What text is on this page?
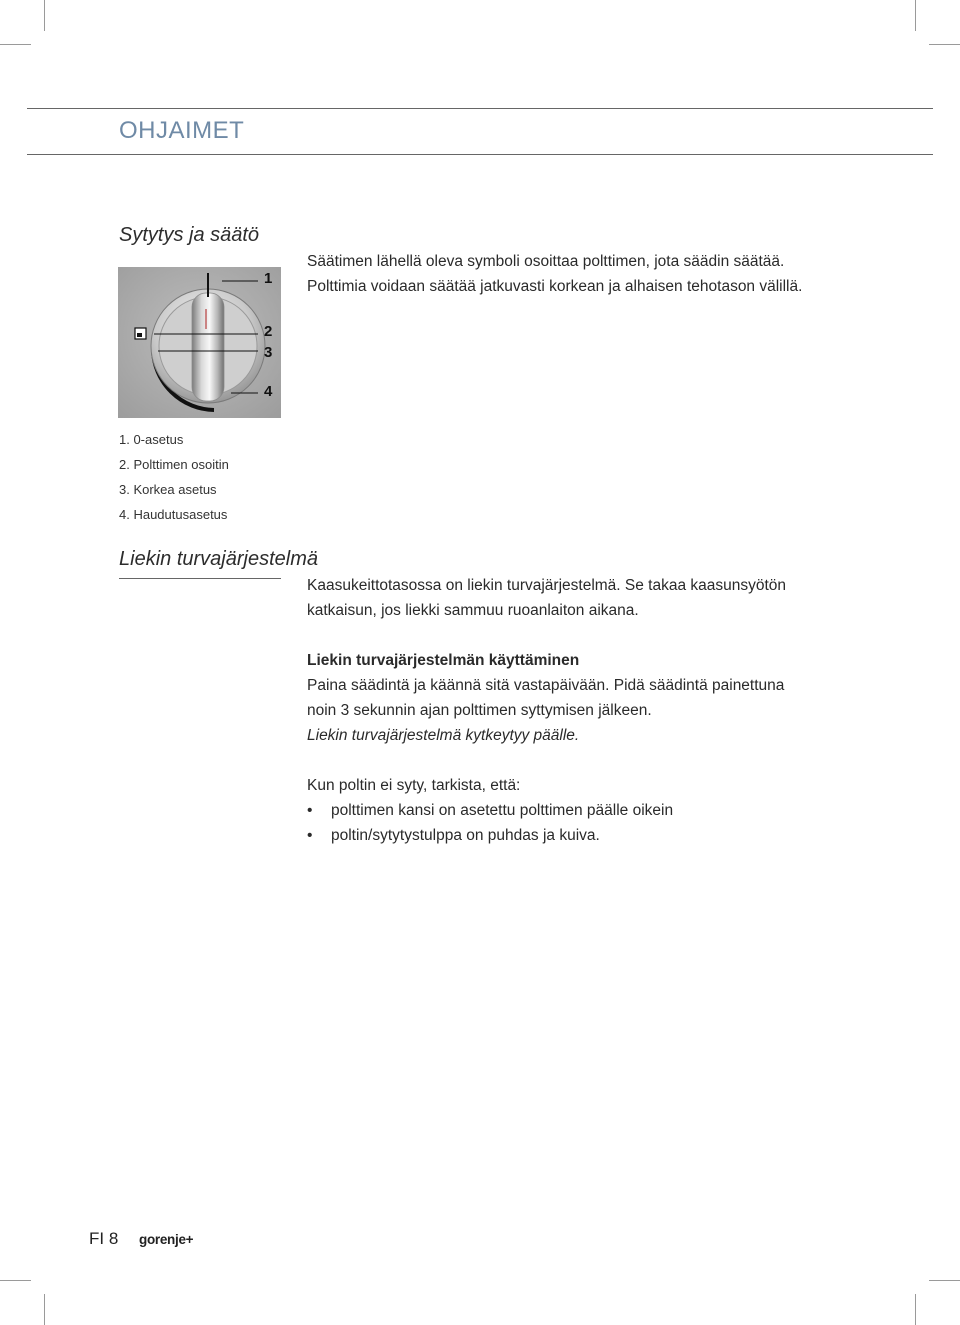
OHJAIMET
Sytytys ja säätö
1
2
3
4

Säätimen lähellä oleva symboli osoittaa polttimen, jota säädin säätää.

Polttimia voidaan säätää jatkuvasti korkean ja alhaisen tehotason välillä.

1. 0-asetus
2. Polttimen osoitin
3. Korkea asetus
4. Haudutusasetus
Liekin turvajärjestelmä

Kaasukeittotasossa on liekin turvajärjestelmä. Se takaa kaasunsyötön

katkaisun, jos liekki sammuu ruoanlaiton aikana.

Liekin turvajärjestelmän käyttäminen

Paina säädintä ja käännä sitä vastapäivään. Pidä säädintä painettuna

noin 3 sekunnin ajan polttimen syttymisen jälkeen.

Liekin turvajärjestelmä kytkeytyy päälle.

Kun poltin ei syty, tarkista, että:

• polttimen kansi on asetettu polttimen päälle oikein
• poltin/sytytystulppa on puhdas ja kuiva.
FI 8 gorenje+
